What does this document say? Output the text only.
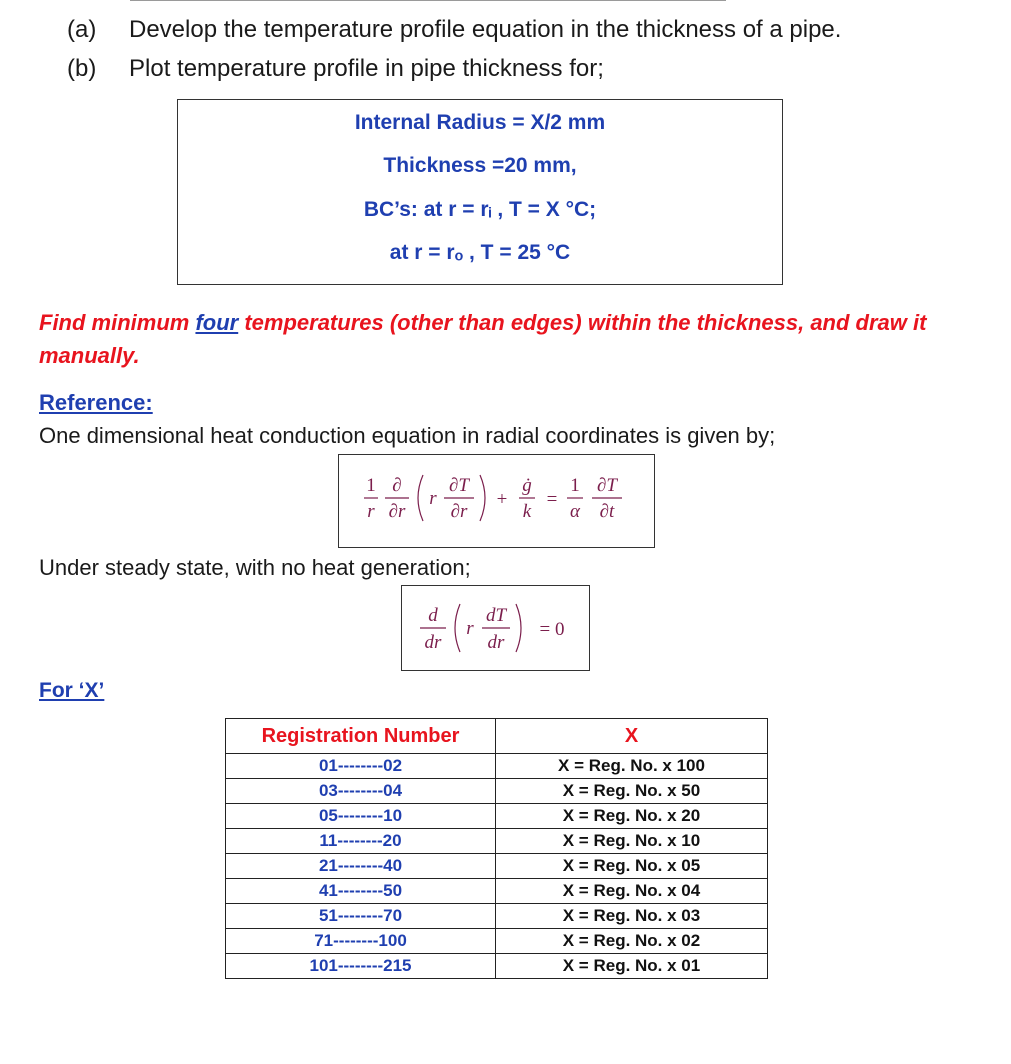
(a) Develop the temperature profile equation in the thickness of a pipe.
(b) Plot temperature profile in pipe thickness for;
Internal Radius = X/2 mm
Thickness =20 mm,
BC’s: at r = rᵢ , T = X °C;
at r = rₒ , T = 25 °C
Find minimum four temperatures (other than edges) within the thickness, and draw it manually.
Reference:
One dimensional heat conduction equation in radial coordinates is given by;
1
r
∂
∂r
r
∂T
∂r
+
ġ
k
=
1
α
∂T
∂t
Under steady state, with no heat generation;
d
dr
r
dT
dr
= 0
For ‘X’
Registration Number	X
01--------02	X = Reg. No. x 100
03--------04	X = Reg. No. x 50
05--------10	X = Reg. No. x 20
11--------20	X = Reg. No. x 10
21--------40	X = Reg. No. x 05
41--------50	X = Reg. No. x 04
51--------70	X = Reg. No. x 03
71--------100	X = Reg. No. x 02
101--------215	X = Reg. No. x 01
